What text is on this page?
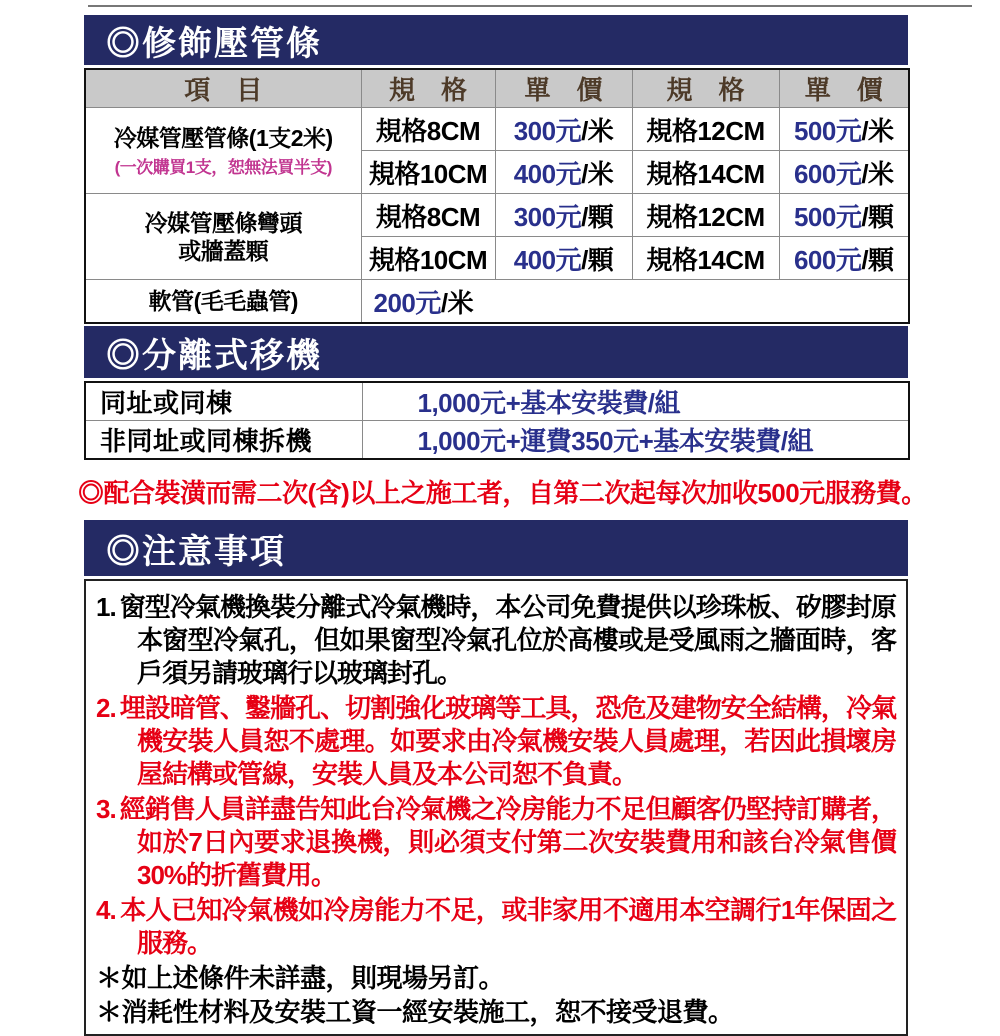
◎修飾壓管條
項　目	規　格	單　價	規　格	單　價

冷媒管壓管條(1支2米)
(一次購買1支，恕無法買半支)	規格8CM	300元/米	規格12CM	500元/米
	規格10CM	400元/米	規格14CM	600元/米

冷媒管壓條彎頭
或牆蓋顆	規格8CM	300元/顆	規格12CM	500元/顆
	規格10CM	400元/顆	規格14CM	600元/顆

軟管(毛毛蟲管)	200元/米			
◎分離式移機
同址或同棟	1,000元+基本安裝費/組
非同址或同棟拆機	1,000元+運費350元+基本安裝費/組
◎配合裝潢而需二次(含)以上之施工者，自第二次起每次加收500元服務費。
◎注意事項

1. 窗型冷氣機換裝分離式冷氣機時，本公司免費提供以珍珠板、矽膠封原本窗型冷氣孔，但如果窗型冷氣孔位於高樓或是受風雨之牆面時，客戶須另請玻璃行以玻璃封孔。

2. 埋設暗管、鑿牆孔、切割強化玻璃等工具，恐危及建物安全結構，冷氣機安裝人員恕不處理。如要求由冷氣機安裝人員處理，若因此損壞房屋結構或管線，安裝人員及本公司恕不負責。

3. 經銷售人員詳盡告知此台冷氣機之冷房能力不足但顧客仍堅持訂購者，如於7日內要求退換機，則必須支付第二次安裝費用和該台冷氣售價30%的折舊費用。

4. 本人已知冷氣機如冷房能力不足，或非家用不適用本空調行1年保固之服務。

＊如上述條件未詳盡，則現場另訂。

＊消耗性材料及安裝工資一經安裝施工，恕不接受退費。
